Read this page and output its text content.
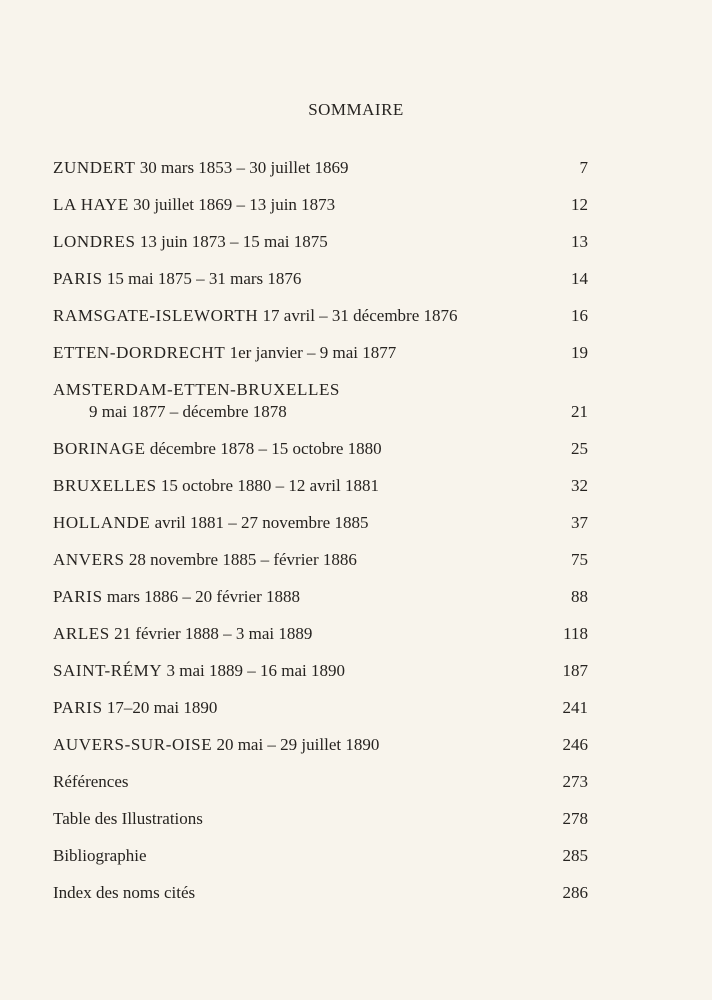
SOMMAIRE
ZUNDERT 30 mars 1853 – 30 juillet 1869	7
LA HAYE 30 juillet 1869 – 13 juin 1873	12
LONDRES 13 juin 1873 – 15 mai 1875	13
PARIS 15 mai 1875 – 31 mars 1876	14
RAMSGATE-ISLEWORTH 17 avril – 31 décembre 1876	16
ETTEN-DORDRECHT 1er janvier – 9 mai 1877	19
AMSTERDAM-ETTEN-BRUXELLES
9 mai 1877 – décembre 1878	21
BORINAGE décembre 1878 – 15 octobre 1880	25
BRUXELLES 15 octobre 1880 – 12 avril 1881	32
HOLLANDE avril 1881 – 27 novembre 1885	37
ANVERS 28 novembre 1885 – février 1886	75
PARIS mars 1886 – 20 février 1888	88
ARLES 21 février 1888 – 3 mai 1889	118
SAINT-RÉMY 3 mai 1889 – 16 mai 1890	187
PARIS 17–20 mai 1890	241
AUVERS-SUR-OISE 20 mai – 29 juillet 1890	246
Références	273
Table des Illustrations	278
Bibliographie	285
Index des noms cités	286
